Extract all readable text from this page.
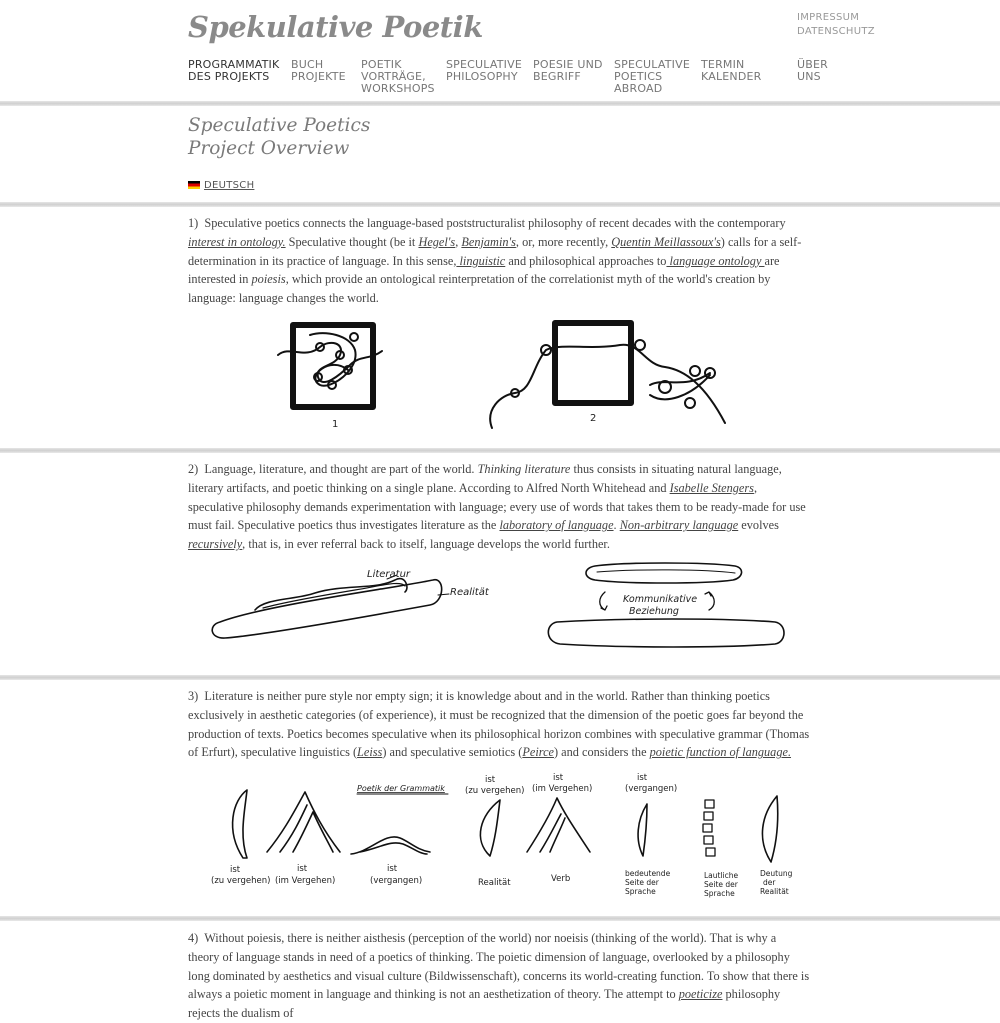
Spekulative Poetik	IMPRESSUM
DATENSCHUTZ
PROGRAMMATIK
DES PROJEKTS
BUCH
PROJEKTE
POETIK
VORTRÄGE,
WORKSHOPS
SPECULATIVE
PHILOSOPHY
POESIE UND
BEGRIFF
SPECULATIVE
POETICS
ABROAD
TERMIN
KALENDER
ÜBER
UNS
Speculative Poetics
Project Overview
DEUTSCH

1) Speculative poetics connects the language-based poststructuralist philosophy of recent decades with the contemporary interest in ontology. Speculative thought (be it Hegel's, Benjamin's, or, more recently, Quentin Meillassoux's) calls for a self-determination in its practice of language. In this sense, linguistic and philosophical approaches to language ontology are interested in poiesis, which provide an ontological reinterpretation of the correlationist myth of the world's creation by language: language changes the world.

1
2

2) Language, literature, and thought are part of the world. Thinking literature thus consists in situating natural language, literary artifacts, and poetic thinking on a single plane. According to Alfred North Whitehead and Isabelle Stengers, speculative philosophy demands experimentation with language; every use of words that takes them to be ready-made for use must fail. Speculative poetics thus investigates literature as the laboratory of language. Non-arbitrary language evolves recursively, that is, in ever referral back to itself, language develops the world further.

Literatur
Realität
Kommunikative
Beziehung

3) Literature is neither pure style nor empty sign; it is knowledge about and in the world. Rather than thinking poetics exclusively in aesthetic categories (of experience), it must be recognized that the dimension of the poetic goes far beyond the production of texts. Poetics becomes speculative when its philosophical horizon combines with speculative grammar (Thomas of Erfurt), speculative linguistics (Leiss) and speculative semiotics (Peirce) and considers the poietic function of language.

ist
(zu vergehen)
ist
(im Vergehen)
Poetik der Grammatik
ist
(vergangen)
ist
(zu vergehen)
Realität
ist
(im Vergehen)
Verb
ist
(vergangen)
bedeutende
Seite der
Sprache
Lautliche
Seite der
Sprache
Deutung
der
Realität

4) Without poiesis, there is neither aisthesis (perception of the world) nor noeisis (thinking of the world). That is why a theory of language stands in need of a poetics of thinking. The poietic dimension of language, overlooked by a philosophy long dominated by aesthetics and visual culture (Bildwissenschaft), concerns its world-creating function. To show that there is always a poietic moment in language and thinking is not an aesthetization of theory. The attempt to poeticize philosophy rejects the dualism of
